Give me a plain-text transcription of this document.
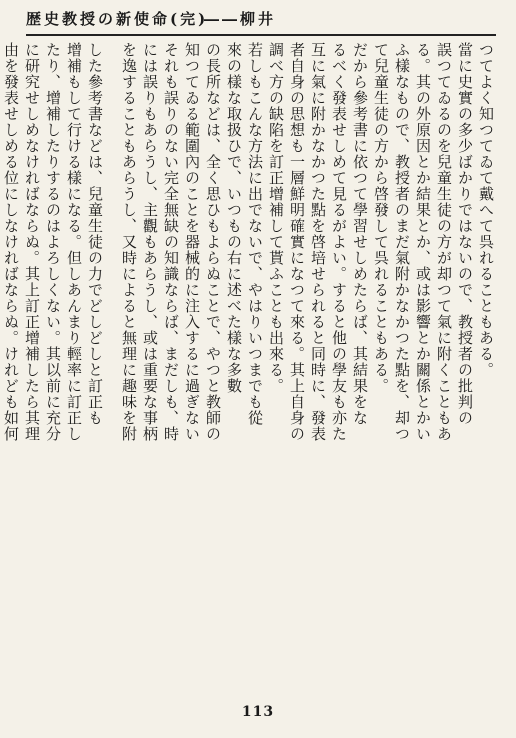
歴史教授の新使命(完)
――柳井
つてよく知つてゐて戴へて呉れることもある。
當に史實の多少ばかりではないので、教授者の批判の
誤つてゐるのを兒童生徒の方が却つて氣に附くこともあ
る。其の外原因とか結果とか、或は影響とか關係とかい
ふ樣なもので、教授者のまだ氣附かなかつた點を、却つ
て兒童生徒の方から啓發して呉れることもある。
だから參考書に依つて學習せしめたらば、其結果をな
るべく發表せしめて見るがよい。すると他の學友も亦た
互に氣に附かなかつた點を啓培せられると同時に、發表
者自身の思想も一層鮮明確實になつて來る。其上自身の
調べ方の缺陷を訂正增補して貰ふことも出來る。
若しもこんな方法に出でないで、やはりいつまでも從
來の樣な取扱ひで、いつもの右に述べた樣な多數
の長所などは、全く思ひもよらぬことで、やつと教師の
知つてゐる範圍內のことを器械的に注入するに過ぎない
それも誤りのない完全無缺の知識ならば、まだしも、時
には誤りもあらうし、主觀もあらうし、或は重要な事柄
を逸することもあらうし、又時によると無理に趣味を附
した參考書などは、兒童生徒の力でどしどしと訂正も
增補もして行ける樣になる。但しあんまり輕率に訂正し
たり、增補したりするのはよろしくない。其以前に充分
に研究せしめなければならぬ。其上訂正增補したら其理
由を發表せしめる位にしなければならぬ。けれども如何
113
